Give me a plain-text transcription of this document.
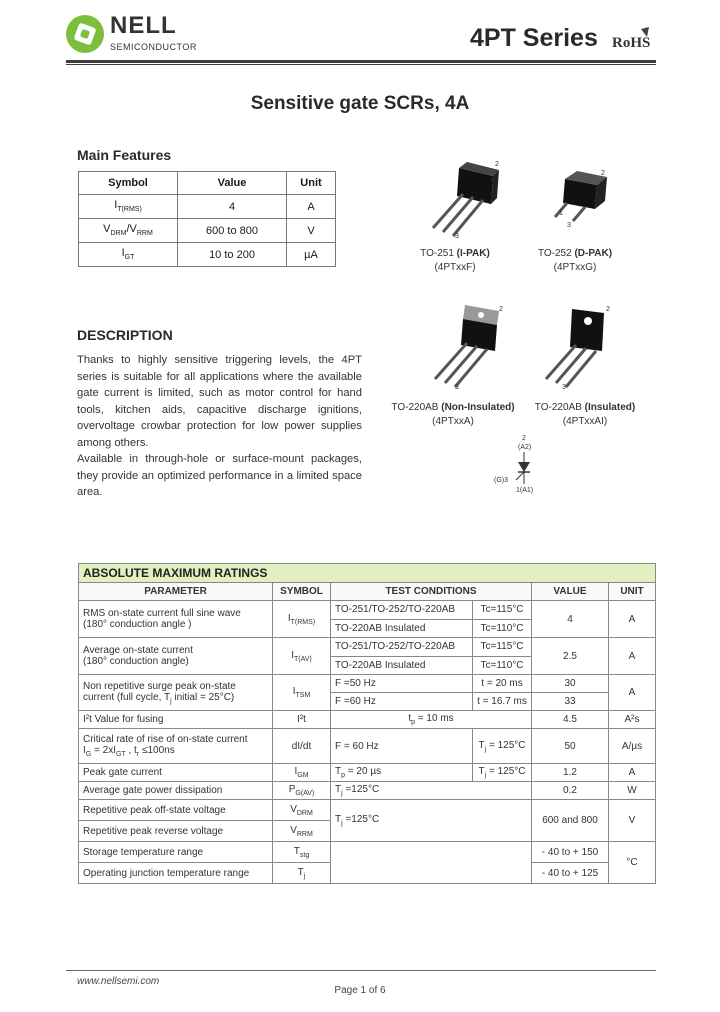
NELL
SEMICONDUCTOR	4PT Series RoHS
Sensitive gate SCRs, 4A
Main Features
Symbol	Value	Unit
$I_{T(RMS)}$	4	A
$V_{DRM}/V_{RRM}$	600 to 800	V
$I_{GT}$	10 to 200	µA
DESCRIPTION

Thanks to highly sensitive triggering levels, the 4PT series is suitable for all applications where the available gate current is limited, such as motor control for hand tools, kitchen aids, capacitive discharge ignitions, overvoltage crowbar protection for low power supplies among others.

Available in through-hole or surface-mount packages, they provide an optimized performance in a limited space area.

2
3
TO-251 (I-PAK)
(4PTxxF)
2
1
3
TO-252 (D-PAK)
(4PTxxG)
2
3
TO-220AB (Non-Insulated)
(4PTxxA)
2
3
TO-220AB (Insulated)
(4PTxxAI)
2
(A2)
(G)3
1(A1)
ABSOLUTE MAXIMUM RATINGS					
PARAMETER	SYMBOL	TEST CONDITIONS		VALUE	UNIT
RMS on-state current full sine wave
(180° conduction angle )	$I_{T(RMS)}$	TO-251/TO-252/TO-220AB	Tc=115°C	4	A
		TO-220AB Insulated	Tc=110°C		
Average on-state current
(180° conduction angle)	$I_{T(AV)}$	TO-251/TO-252/TO-220AB	Tc=115°C	2.5	A
		TO-220AB Insulated	Tc=110°C		
Non repetitive surge peak on-state
current (full cycle, $T_j$ initial = 25°C)	$I_{TSM}$	F =50 Hz	t = 20 ms	30	A
		F =60 Hz	t = 16.7 ms	33	
I²t Value for fusing	I²t	$t_p = 10$ ms		4.5	A²s
Critical rate of rise of on-state current
$I_G = 2xI_{GT}$ , $t_r \le 100ns$	dI/dt	F = 60 Hz	$T_j = 125^\circ C$	50	A/µs
Peak gate current	$I_{GM}$	$T_p = 20$ µs	$T_j = 125^\circ C$	1.2	A
Average gate power dissipation	$P_{G(AV)}$	$T_j =125^\circ C$		0.2	W
Repetitive peak off-state voltage	$V_{DRM}$	$T_j =125^\circ C$		600 and 800	V
Repetitive peak reverse voltage	$V_{RRM}$
Storage temperature range	$T_{stg}$			- 40 to + 150	°C
Operating junction temperature range	$T_j$			- 40 to + 125	
www.nellsemi.com
Page 1 of 6
